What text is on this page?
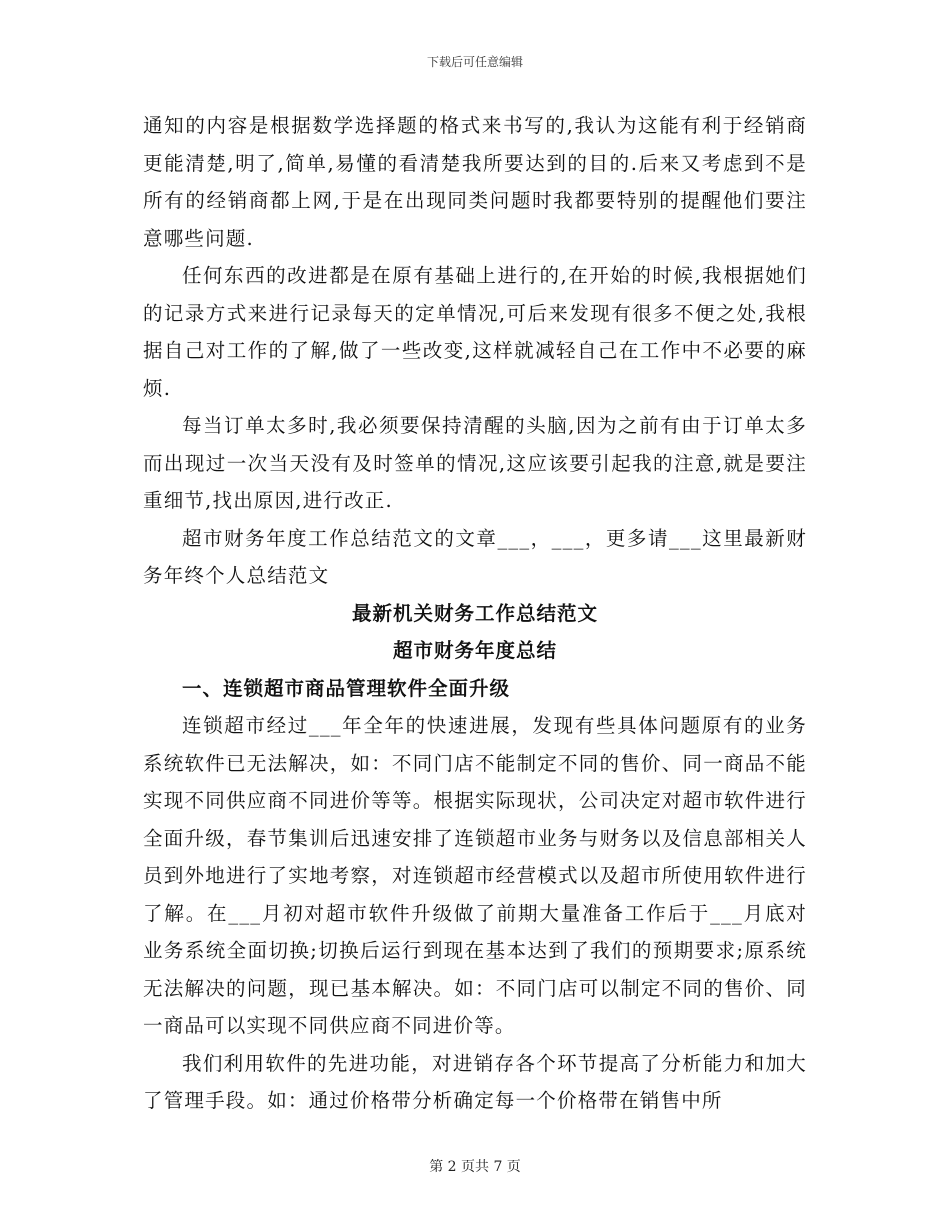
下载后可任意编辑

通知的内容是根据数学选择题的格式来书写的,我认为这能有利于经销商更能清楚,明了,简单,易懂的看清楚我所要达到的目的.后来又考虑到不是所有的经销商都上网,于是在出现同类问题时我都要特别的提醒他们要注意哪些问题.

任何东西的改进都是在原有基础上进行的,在开始的时候,我根据她们的记录方式来进行记录每天的定单情况,可后来发现有很多不便之处,我根据自己对工作的了解,做了一些改变,这样就减轻自己在工作中不必要的麻烦.

每当订单太多时,我必须要保持清醒的头脑,因为之前有由于订单太多而出现过一次当天没有及时签单的情况,这应该要引起我的注意,就是要注重细节,找出原因,进行改正.

超市财务年度工作总结范文的文章___，___，更多请___这里最新财务年终个人总结范文

最新机关财务工作总结范文

超市财务年度总结

一、连锁超市商品管理软件全面升级

连锁超市经过___年全年的快速进展，发现有些具体问题原有的业务系统软件已无法解决，如：不同门店不能制定不同的售价、同一商品不能实现不同供应商不同进价等等。根据实际现状，公司决定对超市软件进行全面升级，春节集训后迅速安排了连锁超市业务与财务以及信息部相关人员到外地进行了实地考察，对连锁超市经营模式以及超市所使用软件进行了解。在___月初对超市软件升级做了前期大量准备工作后于___月底对业务系统全面切换;切换后运行到现在基本达到了我们的预期要求;原系统无法解决的问题，现已基本解决。如：不同门店可以制定不同的售价、同一商品可以实现不同供应商不同进价等。

我们利用软件的先进功能，对进销存各个环节提高了分析能力和加大了管理手段。如：通过价格带分析确定每一个价格带在销售中所

第 2 页共 7 页
